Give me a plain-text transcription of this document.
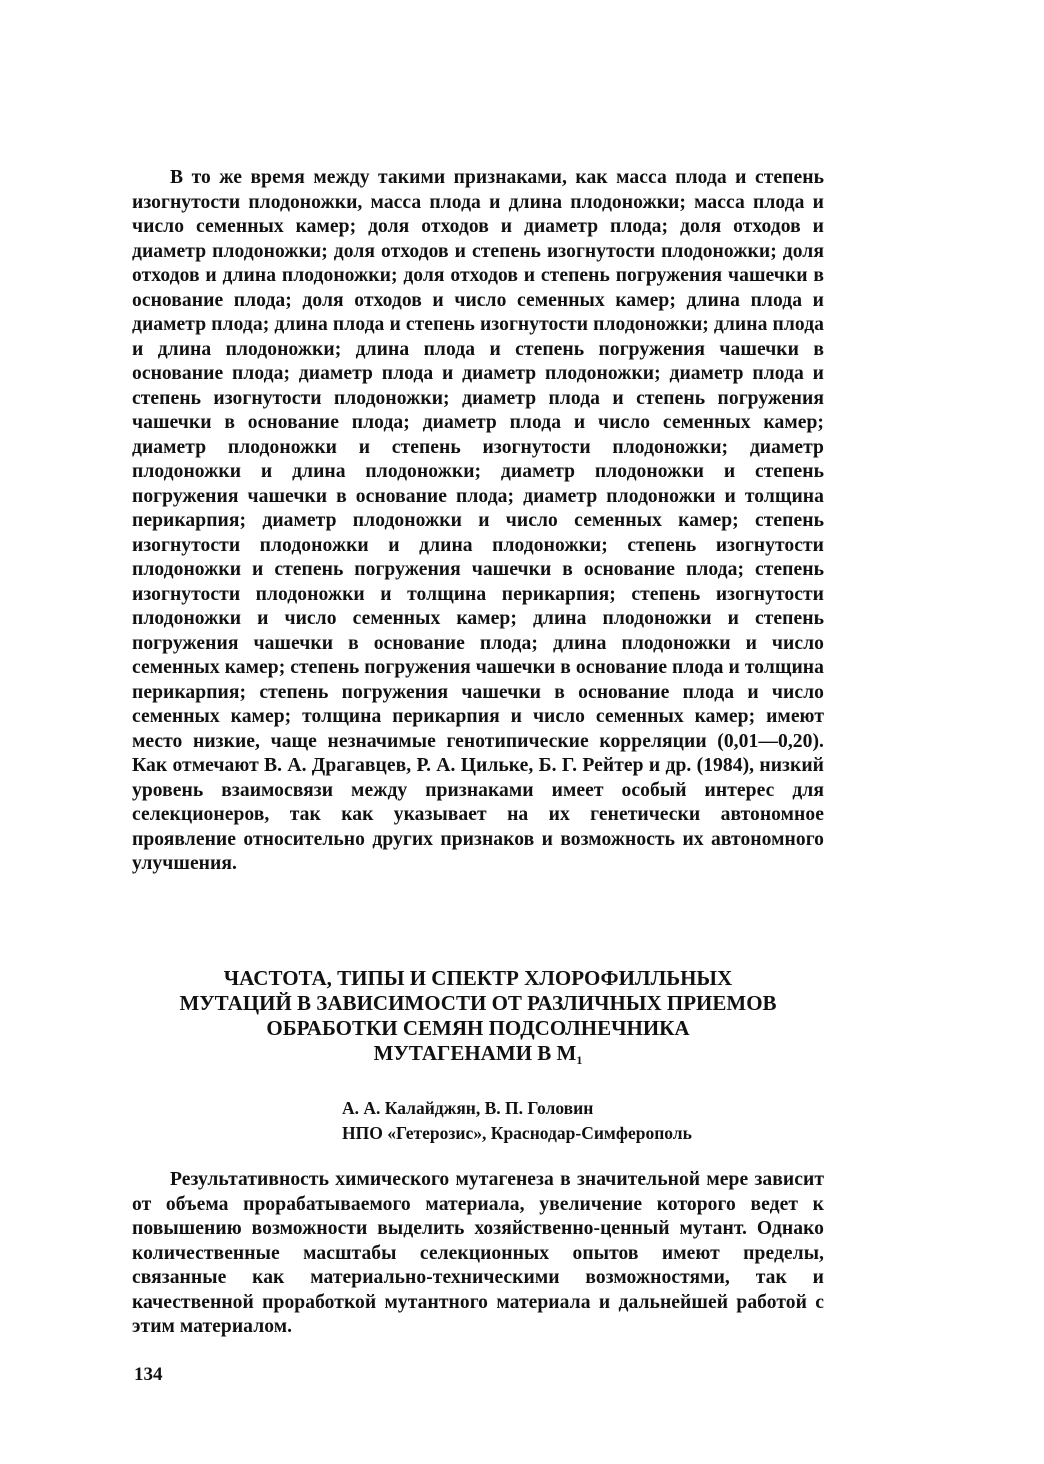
В то же время между такими признаками, как масса плода и степень изогнутости плодоножки, масса плода и длина плодоножки; масса плода и число семенных камер; доля отходов и диаметр плода; доля отходов и диаметр плодоножки; доля отходов и степень изогнутости плодоножки; доля отходов и длина плодоножки; доля отходов и степень погружения чашечки в основание плода; доля отходов и число семенных камер; длина плода и диаметр плода; длина плода и степень изогнутости плодоножки; длина плода и длина плодоножки; длина плода и степень погружения чашечки в основание плода; диаметр плода и диаметр плодоножки; диаметр плода и степень изогнутости плодоножки; диаметр плода и степень погружения чашечки в основание плода; диаметр плода и число семенных камер; диаметр плодоножки и степень изогнутости плодоножки; диаметр плодоножки и длина плодоножки; диаметр плодоножки и степень погружения чашечки в основание плода; диаметр плодоножки и толщина перикарпия; диаметр плодоножки и число семенных камер; степень изогнутости плодоножки и длина плодоножки; степень изогнутости плодоножки и степень погружения чашечки в основание плода; степень изогнутости плодоножки и толщина перикарпия; степень изогнутости плодоножки и число семенных камер; длина плодоножки и степень погружения чашечки в основание плода; длина плодоножки и число семенных камер; степень погружения чашечки в основание плода и толщина перикарпия; степень погружения чашечки в основание плода и число семенных камер; толщина перикарпия и число семенных камер; имеют место низкие, чаще незначимые генотипические корреляции (0,01—0,20). Как отмечают В. А. Драгавцев, Р. А. Цильке, Б. Г. Рейтер и др. (1984), низкий уровень взаимосвязи между признаками имеет особый интерес для селекционеров, так как указывает на их генетически автономное проявление относительно других признаков и возможность их автономного улучшения.

ЧАСТОТА, ТИПЫ И СПЕКТР ХЛОРОФИЛЛЬНЫХ
МУТАЦИЙ В ЗАВИСИМОСТИ ОТ РАЗЛИЧНЫХ ПРИЕМОВ
ОБРАБОТКИ СЕМЯН ПОДСОЛНЕЧНИКА
МУТАГЕНАМИ В $М_1$
А. А. Калайджян, В. П. Головин
НПО «Гетерозис», Краснодар-Симферополь

Результативность химического мутагенеза в значительной мере зависит от объема прорабатываемого материала, увеличение которого ведет к повышению возможности выделить хозяйственно-ценный мутант. Однако количественные масштабы селекционных опытов имеют пределы, связанные как материально-техническими возможностями, так и качественной проработкой мутантного материала и дальнейшей работой с этим материалом.

134
